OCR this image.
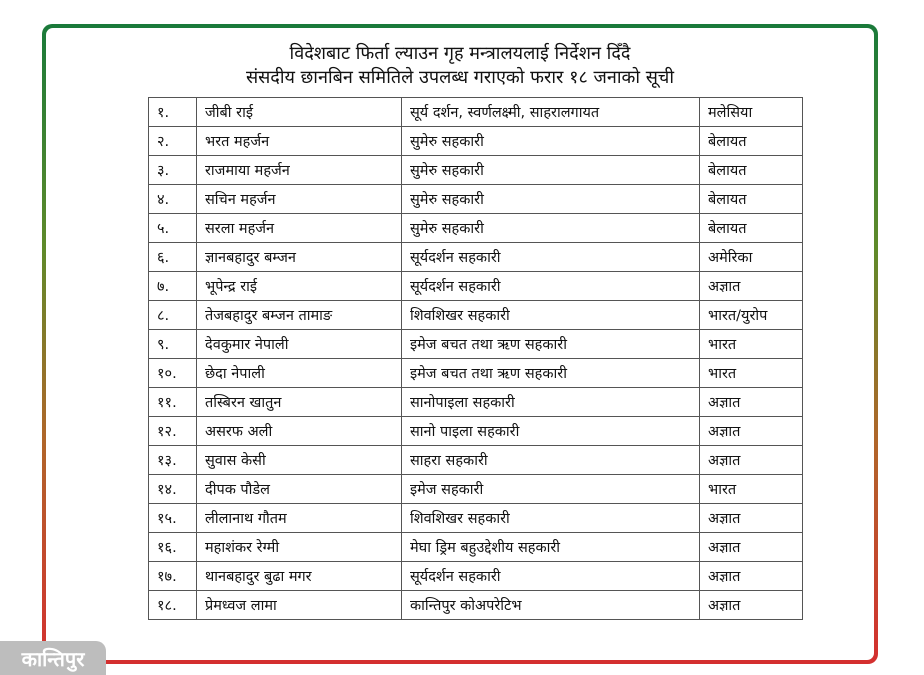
विदेशबाट फिर्ता ल्याउन गृह मन्त्रालयलाई निर्देशन दिँदै
संसदीय छानबिन समितिले उपलब्ध गराएको फरार १८ जनाको सूची
१.	जीबी राई	सूर्य दर्शन, स्वर्णलक्ष्मी, साहरालगायत	मलेसिया
२.	भरत महर्जन	सुमेरु सहकारी	बेलायत
३.	राजमाया महर्जन	सुमेरु सहकारी	बेलायत
४.	सचिन महर्जन	सुमेरु सहकारी	बेलायत
५.	सरला महर्जन	सुमेरु सहकारी	बेलायत
६.	ज्ञानबहादुर बम्जन	सूर्यदर्शन सहकारी	अमेरिका
७.	भूपेन्द्र राई	सूर्यदर्शन सहकारी	अज्ञात
८.	तेजबहादुर बम्जन तामाङ	शिवशिखर सहकारी	भारत/युरोप
९.	देवकुमार नेपाली	इमेज बचत तथा ऋण सहकारी	भारत
१०.	छेदा नेपाली	इमेज बचत तथा ऋण सहकारी	भारत
११.	तस्बिरन खातुन	सानोपाइला सहकारी	अज्ञात
१२.	असरफ अली	सानो पाइला सहकारी	अज्ञात
१३.	सुवास केसी	साहरा सहकारी	अज्ञात
१४.	दीपक पौडेल	इमेज सहकारी	भारत
१५.	लीलानाथ गौतम	शिवशिखर सहकारी	अज्ञात
१६.	महाशंकर रेग्मी	मेघा ड्रिम बहुउद्देशीय सहकारी	अज्ञात
१७.	थानबहादुर बुढा मगर	सूर्यदर्शन सहकारी	अज्ञात
१८.	प्रेमध्वज लामा	कान्तिपुर कोअपरेटिभ	अज्ञात
कान्तिपुर
